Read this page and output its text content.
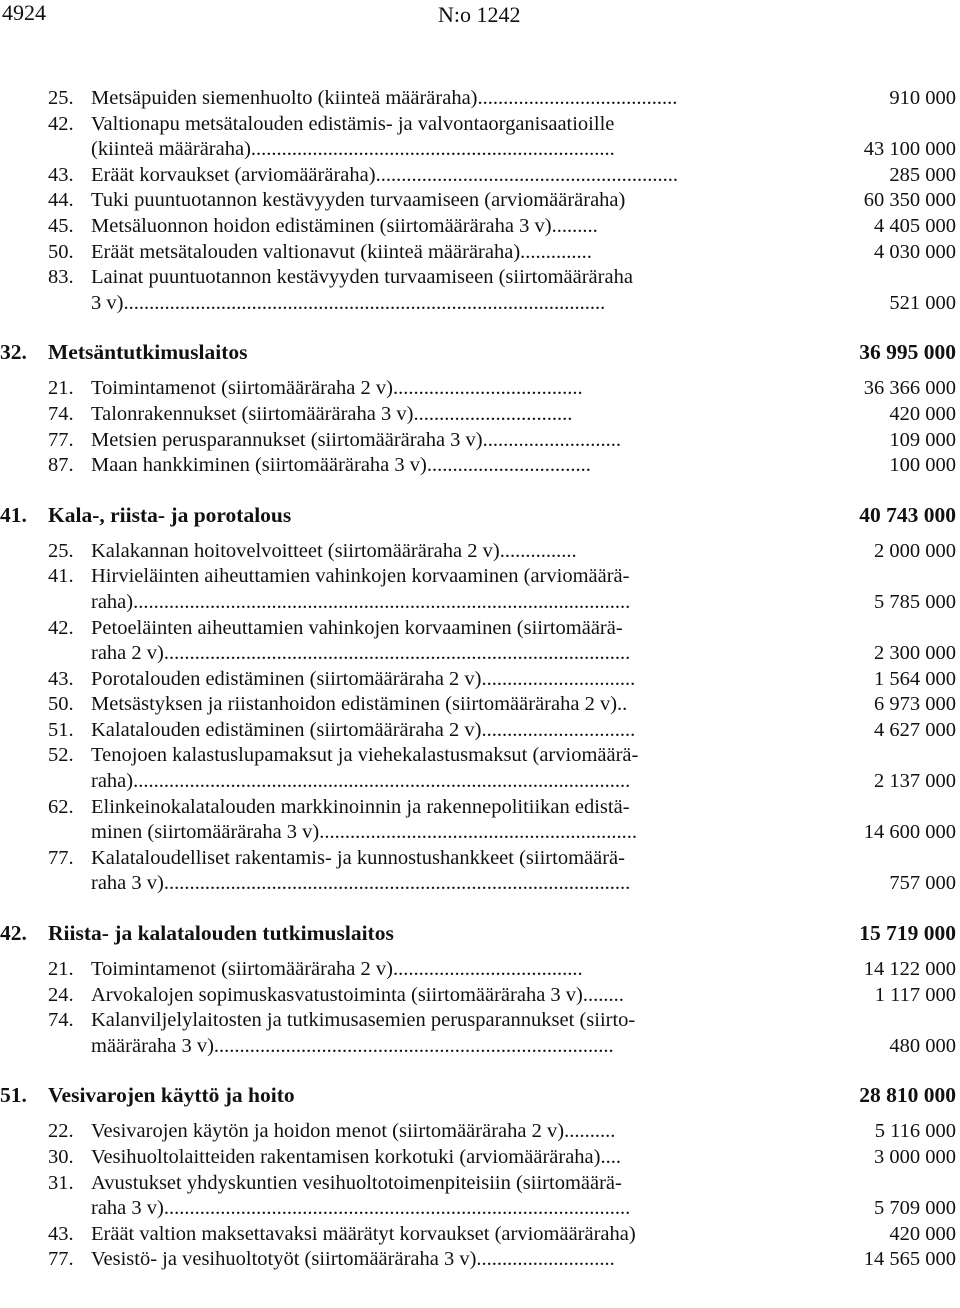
4924	N:o 1242
25. Metsäpuiden siemenhuolto (kiinteä määräraha) .......................................	910 000
42. Valtionapu metsätalouden edistämis- ja valvontaorganisaatioille
(kiinteä määräraha) .......................................................................	43 100 000
43. Eräät korvaukset (arviomääräraha) ...........................................................	285 000
44. Tuki puuntuotannon kestävyyden turvaamiseen (arviomääräraha)	60 350 000
45. Metsäluonnon hoidon edistäminen (siirtomääräraha 3 v) .........	4 405 000
50. Eräät metsätalouden valtionavut (kiinteä määräraha) ..............	4 030 000
83. Lainat puuntuotannon kestävyyden turvaamiseen (siirtomääräraha
3 v) ..............................................................................................	521 000
32. Metsäntutkimuslaitos	36 995 000
21. Toimintamenot (siirtomääräraha 2 v) .....................................	36 366 000
74. Talonrakennukset (siirtomääräraha 3 v) ...............................	420 000
77. Metsien perusparannukset (siirtomääräraha 3 v) ...........................	109 000
87. Maan hankkiminen (siirtomääräraha 3 v) ................................	100 000
41. Kala-, riista- ja porotalous	40 743 000
25. Kalakannan hoitovelvoitteet (siirtomääräraha 2 v) ...............	2 000 000
41. Hirvieläinten aiheuttamien vahinkojen korvaaminen (arviomäärä-
raha) .................................................................................................	5 785 000
42. Petoeläinten aiheuttamien vahinkojen korvaaminen (siirtomäärä-
raha 2 v) ...........................................................................................	2 300 000
43. Porotalouden edistäminen (siirtomääräraha 2 v) ..............................	1 564 000
50. Metsästyksen ja riistanhoidon edistäminen (siirtomääräraha 2 v) ..	6 973 000
51. Kalatalouden edistäminen (siirtomääräraha 2 v) ..............................	4 627 000
52. Tenojoen kalastuslupamaksut ja viehekalastusmaksut (arviomäärä-
raha) .................................................................................................	2 137 000
62. Elinkeinokalatalouden markkinoinnin ja rakennepolitiikan edistä-
minen (siirtomääräraha 3 v) ..............................................................	14 600 000
77. Kalataloudelliset rakentamis- ja kunnostushankkeet (siirtomäärä-
raha 3 v) ...........................................................................................	757 000
42. Riista- ja kalatalouden tutkimuslaitos	15 719 000
21. Toimintamenot (siirtomääräraha 2 v) .....................................	14 122 000
24. Arvokalojen sopimuskasvatustoiminta (siirtomääräraha 3 v) ........	1 117 000
74. Kalanviljelylaitosten ja tutkimusasemien perusparannukset (siirto-
määräraha 3 v) ..............................................................................	480 000
51. Vesivarojen käyttö ja hoito	28 810 000
22. Vesivarojen käytön ja hoidon menot (siirtomääräraha 2 v) ..........	5 116 000
30. Vesihuoltolaitteiden rakentamisen korkotuki (arviomääräraha) ....	3 000 000
31. Avustukset yhdyskuntien vesihuoltotoimenpiteisiin (siirtomäärä-
raha 3 v) ...........................................................................................	5 709 000
43. Eräät valtion maksettavaksi määrätyt korvaukset (arviomääräraha)	420 000
77. Vesistö- ja vesihuoltotyöt (siirtomääräraha 3 v) ...........................	14 565 000
